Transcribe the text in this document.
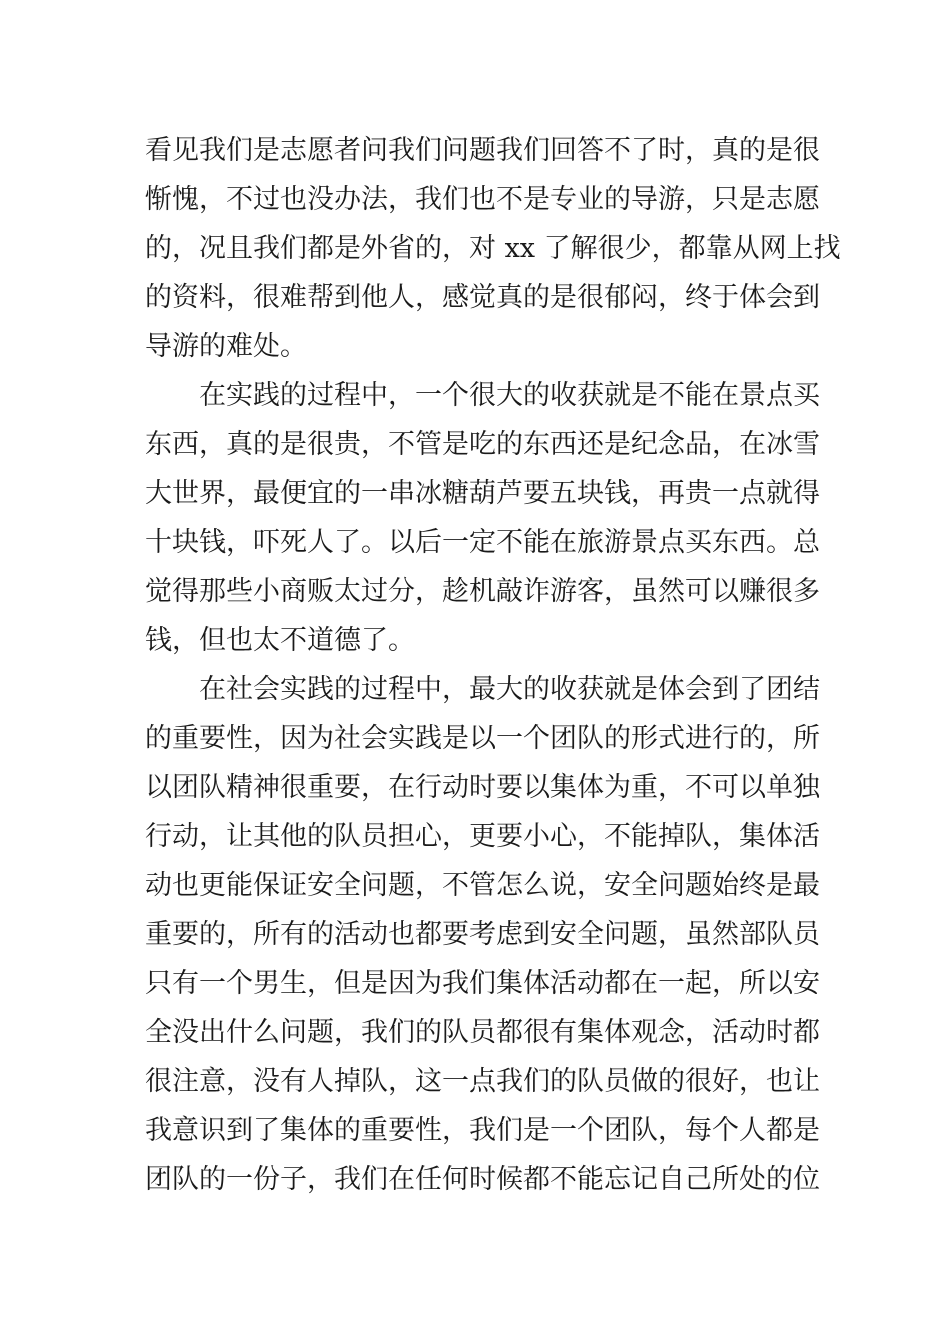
看见我们是志愿者问我们问题我们回答不了时，真的是很
惭愧，不过也没办法，我们也不是专业的导游，只是志愿
的，况且我们都是外省的，对 xx 了解很少，都靠从网上找
的资料，很难帮到他人，感觉真的是很郁闷，终于体会到
导游的难处。
在实践的过程中，一个很大的收获就是不能在景点买
东西，真的是很贵，不管是吃的东西还是纪念品，在冰雪
大世界，最便宜的一串冰糖葫芦要五块钱，再贵一点就得
十块钱，吓死人了。以后一定不能在旅游景点买东西。总
觉得那些小商贩太过分，趁机敲诈游客，虽然可以赚很多
钱，但也太不道德了。
在社会实践的过程中，最大的收获就是体会到了团结
的重要性，因为社会实践是以一个团队的形式进行的，所
以团队精神很重要，在行动时要以集体为重，不可以单独
行动，让其他的队员担心，更要小心，不能掉队，集体活
动也更能保证安全问题，不管怎么说，安全问题始终是最
重要的，所有的活动也都要考虑到安全问题，虽然部队员
只有一个男生，但是因为我们集体活动都在一起，所以安
全没出什么问题，我们的队员都很有集体观念，活动时都
很注意，没有人掉队，这一点我们的队员做的很好，也让
我意识到了集体的重要性，我们是一个团队，每个人都是
团队的一份子，我们在任何时候都不能忘记自己所处的位
